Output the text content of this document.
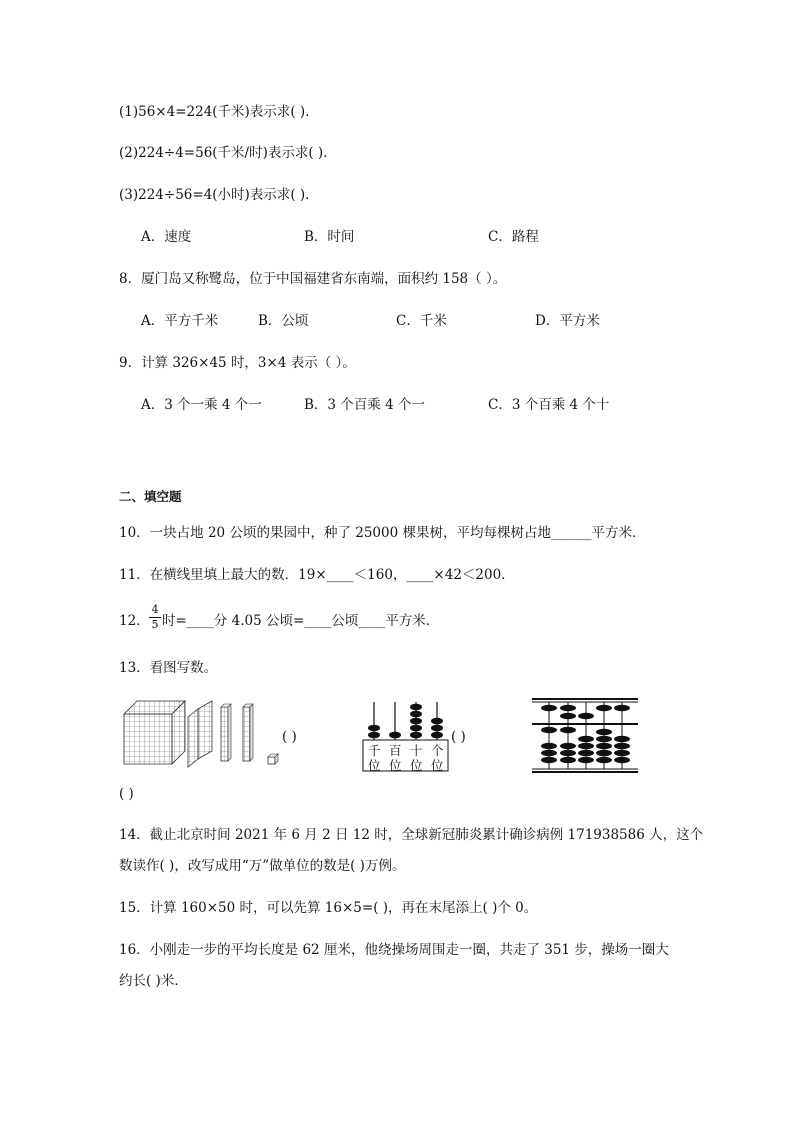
(1)56×4=224(千米)表示求( ).
(2)224÷4=56(千米/时)表示求( ).
(3)224÷56=4(小时)表示求( ).
A．速度	B．时间	C．路程
8．厦门岛又称鹭岛，位于中国福建省东南端，面积约 158（ ）。
A．平方千米	B．公顷	C．千米	D．平方米
9．计算 326×45 时，3×4 表示（ ）。
A．3 个一乘 4 个一	B．3 个百乘 4 个一	C．3 个百乘 4 个十
二、填空题
10．一块占地 20 公顷的果园中，种了 25000 棵果树，平均每棵树占地______平方米．
11．在横线里填上最大的数．19×____＜160，____×42＜200．
12．
4
5 时=____分 4.05 公顷=____公顷____平方米．
13．看图写数。
( )
千
位
百
位
十
位
个
位
( )
( )
14．截止北京时间 2021 年 6 月 2 日 12 时，全球新冠肺炎累计确诊病例 171938586 人，这个
数读作( )，改写成用“万”做单位的数是( )万例。
15．计算 160×50 时，可以先算 16×5=( )，再在末尾添上( )个 0。
16．小刚走一步的平均长度是 62 厘米，他绕操场周围走一圈，共走了 351 步，操场一圈大
约长( )米．
